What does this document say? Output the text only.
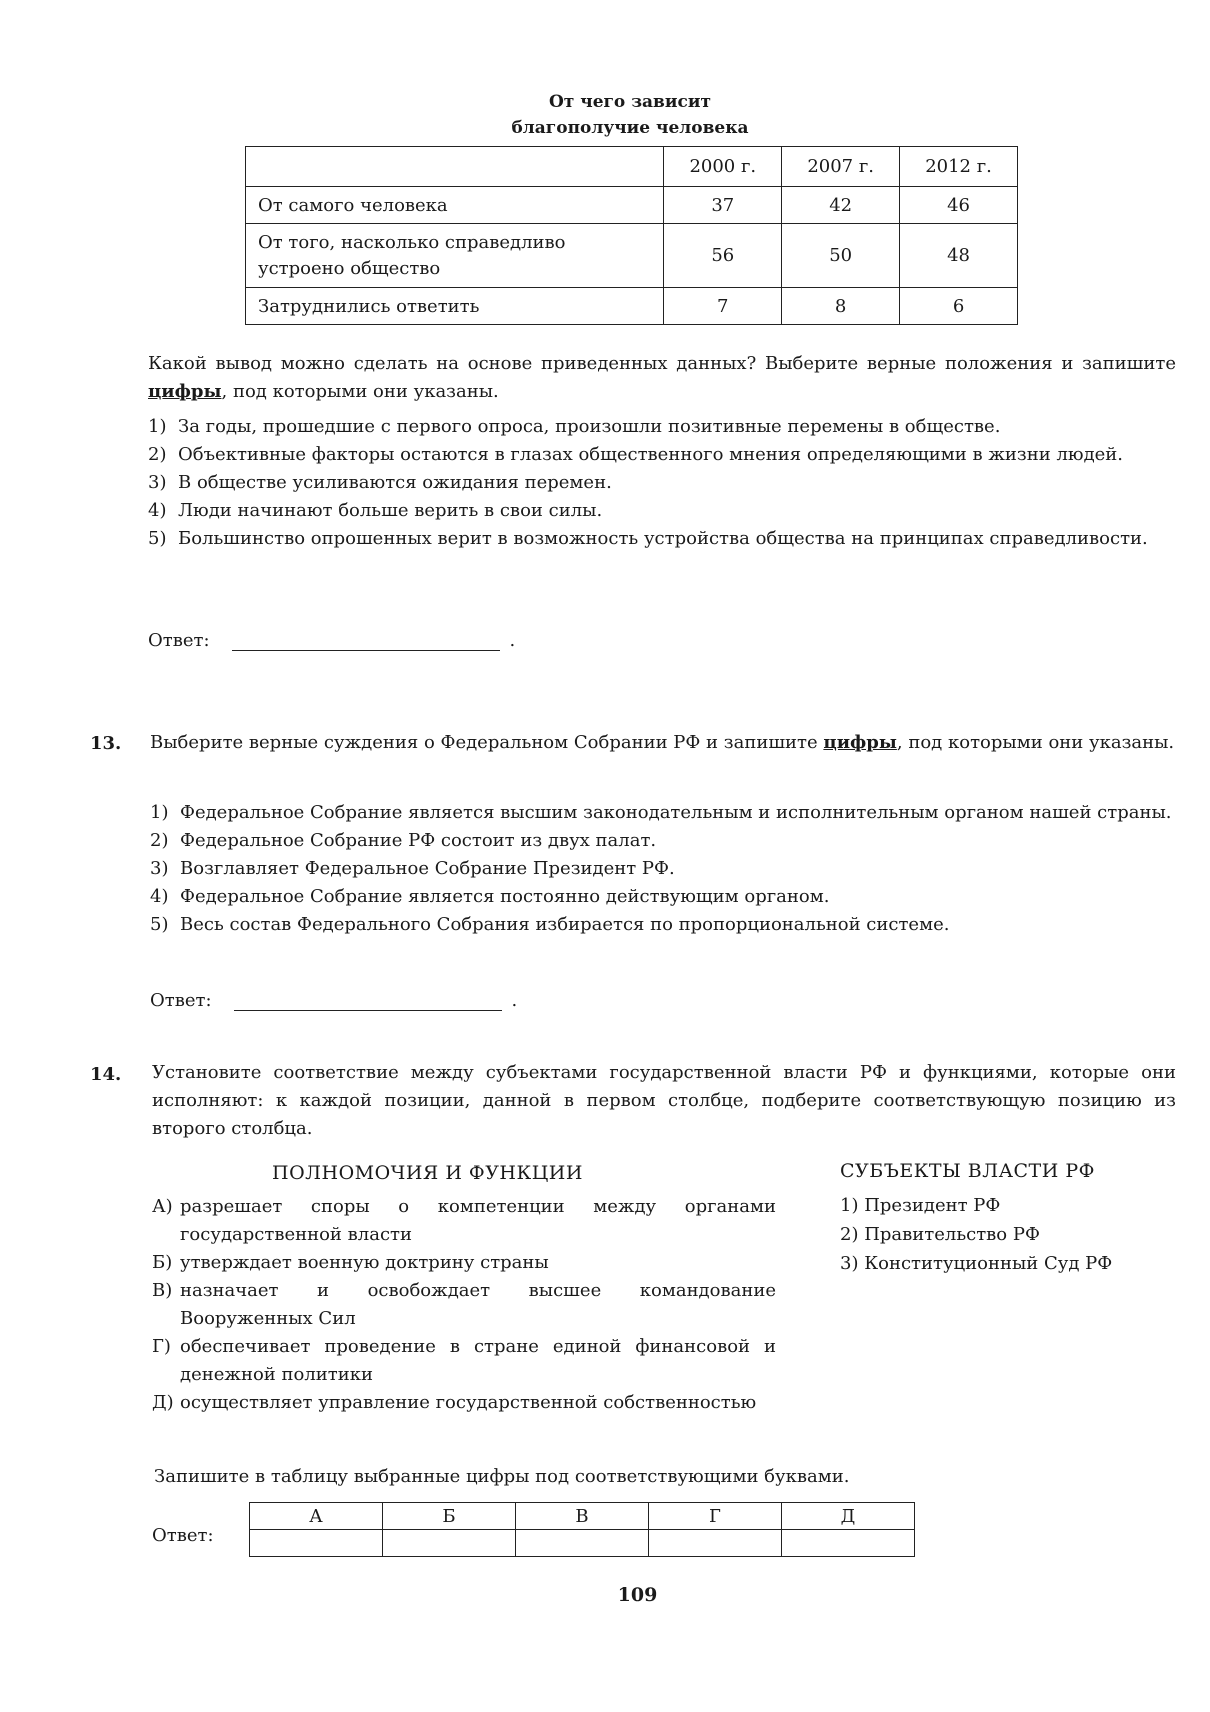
От чего зависит
благополучие человека
	2000 г.	2007 г.	2012 г.
От самого человека	37	42	46
От того, насколько справедливо устроено общество	56	50	48
Затруднились ответить	7	8	6
Какой вывод можно сделать на основе приведенных данных? Выберите верные положения и запишите цифры, под которыми они указаны.
1) За годы, прошедшие с первого опроса, произошли позитивные перемены в обществе.
2) Объективные факторы остаются в глазах общественного мнения определяющими в жизни людей.
3) В обществе усиливаются ожидания перемен.
4) Люди начинают больше верить в свои силы.
5) Большинство опрошенных верит в возможность устройства общества на принципах справедливости.
Ответ:	.
13. Выберите верные суждения о Федеральном Собрании РФ и запишите цифры, под которыми они указаны.
1) Федеральное Собрание является высшим законодательным и исполнительным органом нашей страны.
2) Федеральное Собрание РФ состоит из двух палат.
3) Возглавляет Федеральное Собрание Президент РФ.
4) Федеральное Собрание является постоянно действующим органом.
5) Весь состав Федерального Собрания избирается по пропорциональной системе.
Ответ:	.
14. Установите соответствие между субъектами государственной власти РФ и функциями, которые они исполняют: к каждой позиции, данной в первом столбце, подберите соответствующую позицию из второго столбца.
ПОЛНОМОЧИЯ И ФУНКЦИИ	СУБЪЕКТЫ ВЛАСТИ РФ
А) разрешает споры о компетенции между органами государственной власти
Б) утверждает военную доктрину страны
В) назначает и освобождает высшее командование Вооруженных Сил
Г) обеспечивает проведение в стране единой финансовой и денежной политики
Д) осуществляет управление государственной собственностью
1) Президент РФ
2) Правительство РФ
3) Конституционный Суд РФ
Запишите в таблицу выбранные цифры под соответствующими буквами.
Ответ:
А	Б	В	Г	Д

109
